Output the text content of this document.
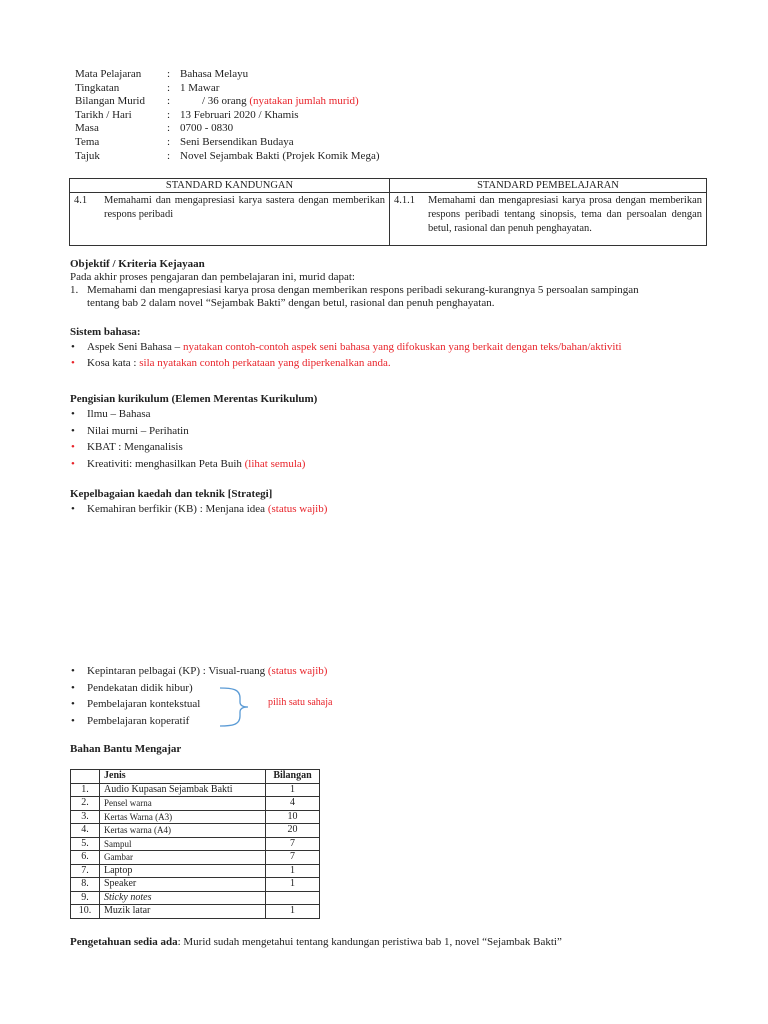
Mata Pelajaran	: Bahasa Melayu
Tingkatan	: 1 Mawar
Bilangan Murid	: / 36 orang (nyatakan jumlah murid)
Tarikh / Hari	: 13 Februari 2020 / Khamis
Masa	: 0700 - 0830
Tema	: Seni Bersendikan Budaya
Tajuk	: Novel Sejambak Bakti (Projek Komik Mega)
STANDARD KANDUNGAN	STANDARD PEMBELAJARAN

4.1 Memahami dan mengapresiasi karya sastera dengan memberikan respons peribadi	4.1.1 Memahami dan mengapresiasi karya prosa dengan memberikan respons peribadi tentang sinopsis, tema dan persoalan dengan betul, rasional dan penuh penghayatan.
Objektif / Kriteria Kejayaan
Pada akhir proses pengajaran dan pembelajaran ini, murid dapat:
1. Memahami dan mengapresiasi karya prosa dengan memberikan respons peribadi sekurang-kurangnya 5 persoalan sampingan
tentang bab 2 dalam novel “Sejambak Bakti” dengan betul, rasional dan penuh penghayatan.
Sistem bahasa:
• Aspek Seni Bahasa – nyatakan contoh-contoh aspek seni bahasa yang difokuskan yang berkait dengan teks/bahan/aktiviti
• Kosa kata : sila nyatakan contoh perkataan yang diperkenalkan anda.
Pengisian kurikulum (Elemen Merentas Kurikulum)
• Ilmu – Bahasa
• Nilai murni – Perihatin
• KBAT : Menganalisis
• Kreativiti: menghasilkan Peta Buih (lihat semula)
Kepelbagaian kaedah dan teknik [Strategi]
• Kemahiran berfikir (KB) : Menjana idea (status wajib)
• Kepintaran pelbagai (KP) : Visual-ruang (status wajib)
• Pendekatan didik hibur)
• Pembelajaran kontekstual
• Pembelajaran koperatif
pilih satu sahaja
Bahan Bantu Mengajar
	Jenis	Bilangan
1.	Audio Kupasan Sejambak Bakti	1
2.	Pensel warna	4
3.	Kertas Warna (A3)	10
4.	Kertas warna (A4)	20
5.	Sampul	7
6.	Gambar	7
7.	Laptop	1
8.	Speaker	1
9.	Sticky notes	
10.	Muzik latar	1
Pengetahuan sedia ada: Murid sudah mengetahui tentang kandungan peristiwa bab 1, novel “Sejambak Bakti”
